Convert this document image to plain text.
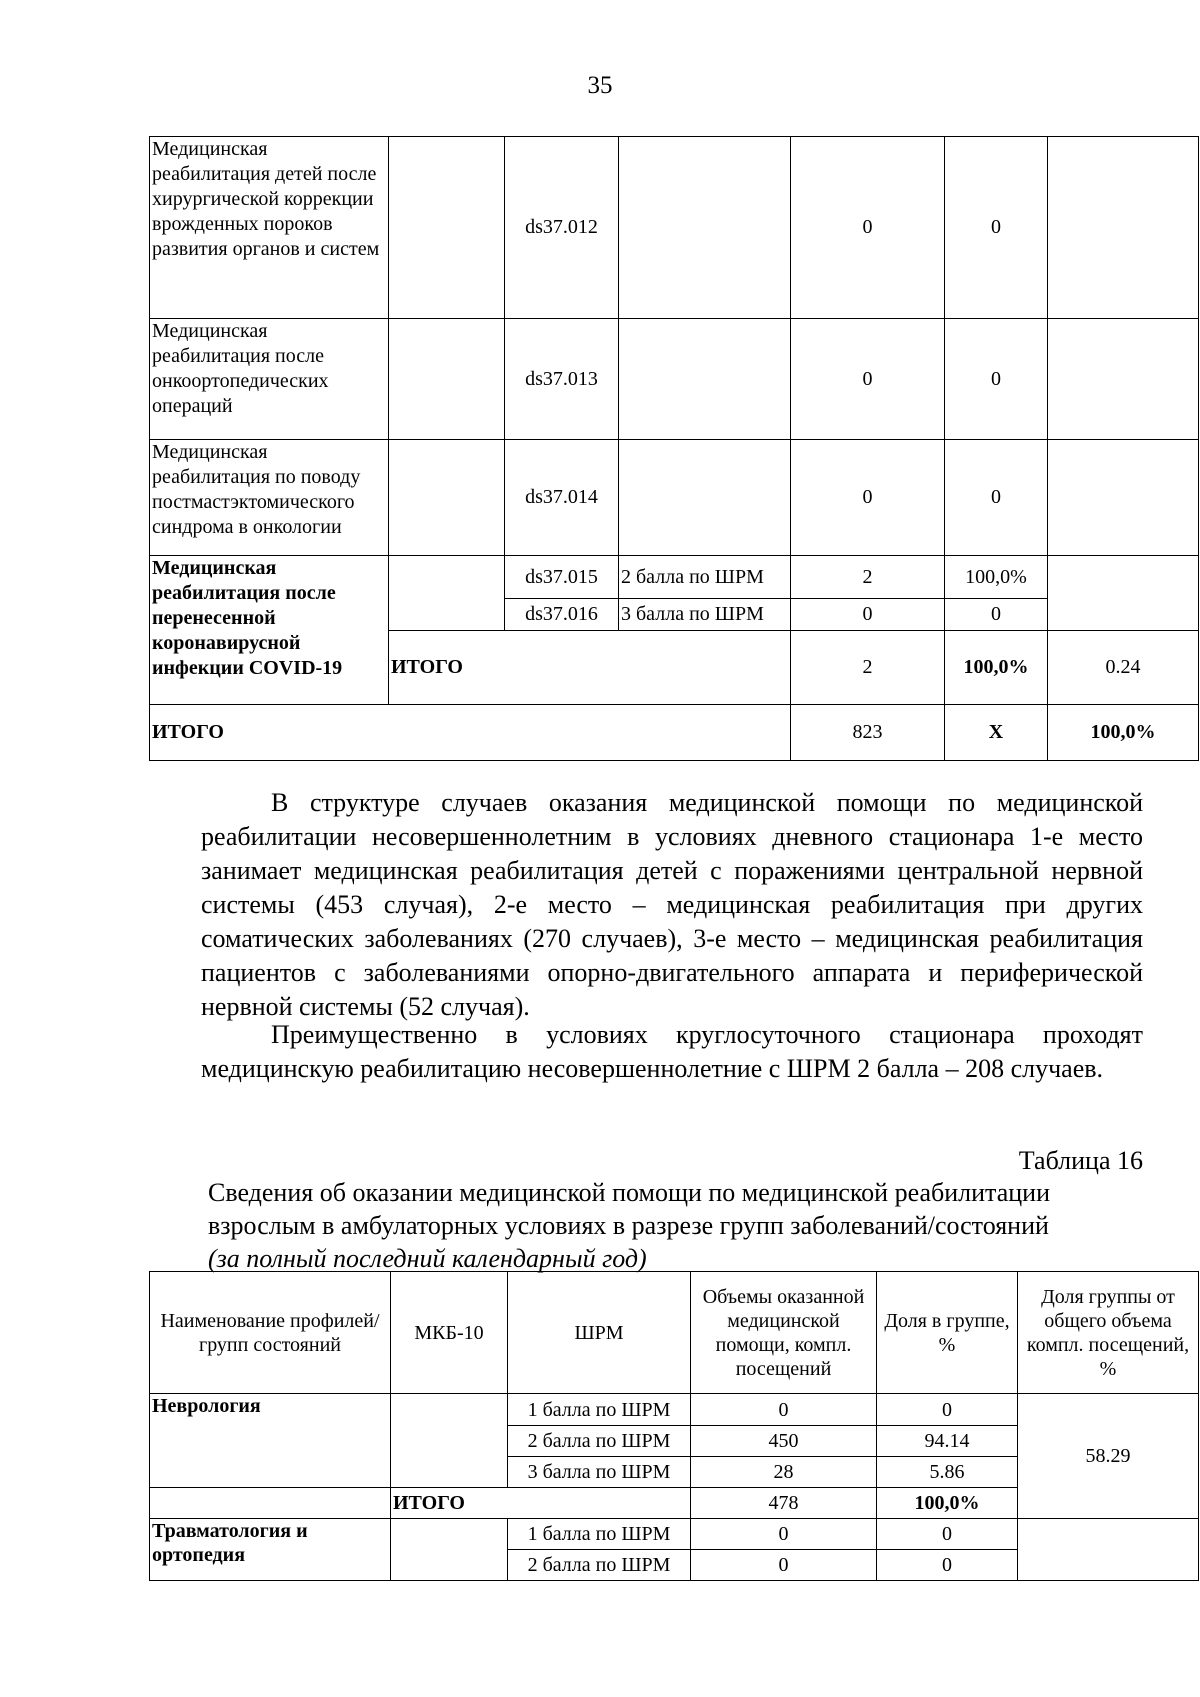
35
Медицинская реабилитация детей после хирургической коррекции врожденных пороков развития органов и систем		ds37.012		0	0	
Медицинская реабилитация после онкоортопедических операций		ds37.013		0	0	
Медицинская реабилитация по поводу постмастэктомического синдрома в онкологии		ds37.014		0	0	
Медицинская реабилитация после перенесенной коронавирусной инфекции COVID-19		ds37.015	2 балла по ШРМ	2	100,0%	
		ds37.016	3 балла по ШРМ	0	0	
	ИТОГО			2	100,0%	0.24
ИТОГО				823	Х	100,0%

В структуре случаев оказания медицинской помощи по медицинской реабилитации несовершеннолетним в условиях дневного стационара 1-е место занимает медицинская реабилитация детей с поражениями центральной нервной системы (453 случая), 2-е место – медицинская реабилитация при других соматических заболеваниях (270 случаев), 3-е место – медицинская реабилитация пациентов с заболеваниями опорно-двигательного аппарата и периферической нервной системы (52 случая).

Преимущественно в условиях круглосуточного стационара проходят медицинскую реабилитацию несовершеннолетние с ШРМ 2 балла – 208 случаев.

Таблица 16
Сведения об оказании медицинской помощи по медицинской реабилитации
взрослым в амбулаторных условиях в разрезе групп заболеваний/состояний
(за полный последний календарный год)
Наименование профилей/групп состояний	МКБ-10	ШРМ	Объемы оказанной медицинской помощи, компл. посещений	Доля в группе, %	Доля группы от общего объема компл. посещений, %
Неврология		1 балла по ШРМ	0	0	58.29
		2 балла по ШРМ	450	94.14	
		3 балла по ШРМ	28	5.86	
	ИТОГО		478	100,0%	
Травматология и ортопедия		1 балла по ШРМ	0	0	
		2 балла по ШРМ	0	0	
